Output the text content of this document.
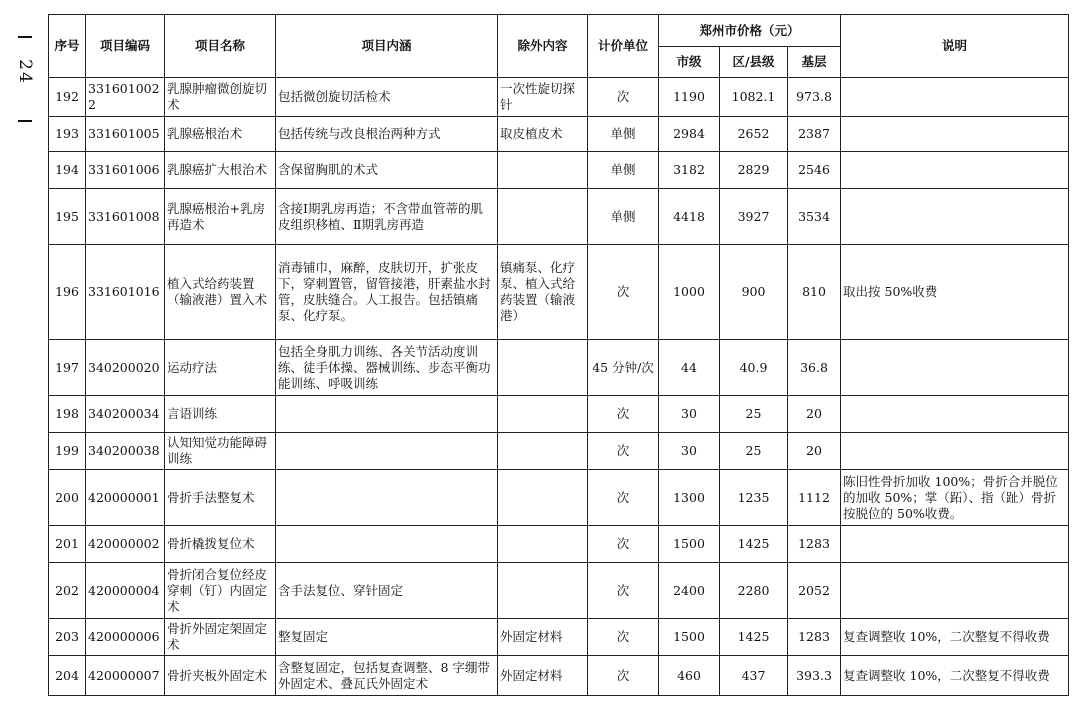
24
序号	项目编码	项目名称	项目内涵	除外内容	计价单位	郑州市价格（元）			说明
						市级	区/县级	基层	
192	3316010022	乳腺肿瘤微创旋切术	包括微创旋切活检术	一次性旋切探针	次	1190	1082.1	973.8	
193	331601005	乳腺癌根治术	包括传统与改良根治两种方式	取皮植皮术	单侧	2984	2652	2387	
194	331601006	乳腺癌扩大根治术	含保留胸肌的术式		单侧	3182	2829	2546	
195	331601008	乳腺癌根治+乳房再造术	含接Ⅰ期乳房再造；不含带血管蒂的肌皮组织移植、Ⅱ期乳房再造		单侧	4418	3927	3534	
196	331601016	植入式给药装置（输液港）置入术	消毒铺巾，麻醉，皮肤切开，扩张皮下，穿刺置管，留管接港，肝素盐水封管，皮肤缝合。人工报告。包括镇痛泵、化疗泵。	镇痛泵、化疗泵、植入式给药装置（输液港）	次	1000	900	810	取出按 50%收费
197	340200020	运动疗法	包括全身肌力训练、各关节活动度训练、徒手体操、器械训练、步态平衡功能训练、呼吸训练		45 分钟/次	44	40.9	36.8	
198	340200034	言语训练			次	30	25	20	
199	340200038	认知知觉功能障碍训练			次	30	25	20	
200	420000001	骨折手法整复术			次	1300	1235	1112	陈旧性骨折加收 100%；骨折合并脱位的加收 50%；掌（跖）、指（趾）骨折按脱位的 50%收费。
201	420000002	骨折橇拨复位术			次	1500	1425	1283	
202	420000004	骨折闭合复位经皮穿刺（钉）内固定术	含手法复位、穿针固定		次	2400	2280	2052	
203	420000006	骨折外固定架固定术	整复固定	外固定材料	次	1500	1425	1283	复查调整收 10%，二次整复不得收费
204	420000007	骨折夹板外固定术	含整复固定，包括复查调整、8 字绷带外固定术、叠瓦氏外固定术	外固定材料	次	460	437	393.3	复查调整收 10%，二次整复不得收费
